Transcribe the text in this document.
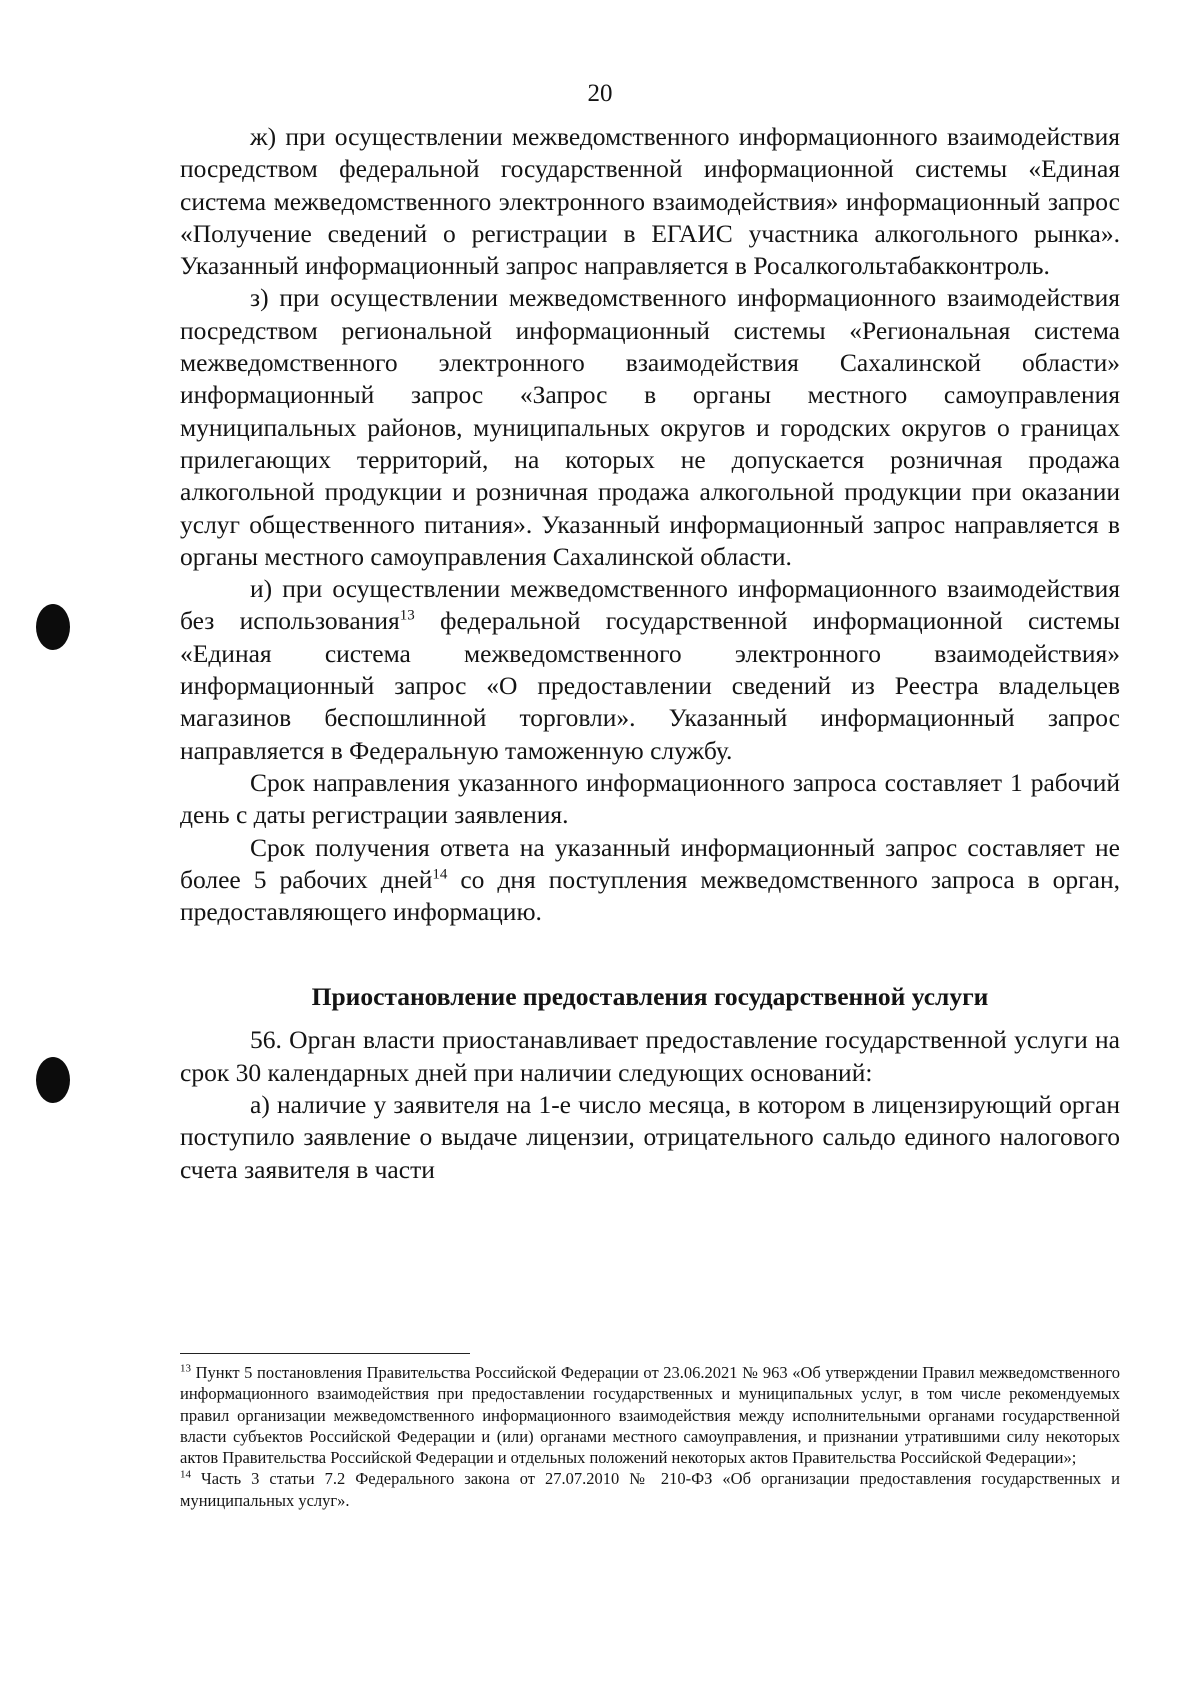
20

ж) при осуществлении межведомственного информационного взаимодействия посредством федеральной государственной информационной системы «Единая система межведомственного электронного взаимодействия» информационный запрос «Получение сведений о регистрации в ЕГАИС участника алкогольного рынка». Указанный информационный запрос направляется в Росалкогольтабакконтроль.

з) при осуществлении межведомственного информационного взаимодействия посредством региональной информационный системы «Региональная система межведомственного электронного взаимодействия Сахалинской области» информационный запрос «Запрос в органы местного самоуправления муниципальных районов, муниципальных округов и городских округов о границах прилегающих территорий, на которых не допускается розничная продажа алкогольной продукции и розничная продажа алкогольной продукции при оказании услуг общественного питания». Указанный информационный запрос направляется в органы местного самоуправления Сахалинской области.

и) при осуществлении межведомственного информационного взаимодействия без использования$^{13}$ федеральной государственной информационной системы «Единая система межведомственного электронного взаимодействия» информационный запрос «О предоставлении сведений из Реестра владельцев магазинов беспошлинной торговли». Указанный информационный запрос направляется в Федеральную таможенную службу.

Срок направления указанного информационного запроса составляет 1 рабочий день с даты регистрации заявления.

Срок получения ответа на указанный информационный запрос составляет не более 5 рабочих дней$^{14}$ со дня поступления межведомственного запроса в орган, предоставляющего информацию.

Приостановление предоставления государственной услуги

56. Орган власти приостанавливает предоставление государственной услуги на срок 30 календарных дней при наличии следующих оснований:

а) наличие у заявителя на 1-е число месяца, в котором в лицензирующий орган поступило заявление о выдаче лицензии, отрицательного сальдо единого налогового счета заявителя в части

$^{13}$ Пункт 5 постановления Правительства Российской Федерации от 23.06.2021 № 963 «Об утверждении Правил межведомственного информационного взаимодействия при предоставлении государственных и муниципальных услуг, в том числе рекомендуемых правил организации межведомственного информационного взаимодействия между исполнительными органами государственной власти субъектов Российской Федерации и (или) органами местного самоуправления, и признании утратившими силу некоторых актов Правительства Российской Федерации и отдельных положений некоторых актов Правительства Российской Федерации»;

$^{14}$ Часть 3 статьи 7.2 Федерального закона от 27.07.2010 № 210-ФЗ «Об организации предоставления государственных и муниципальных услуг».
